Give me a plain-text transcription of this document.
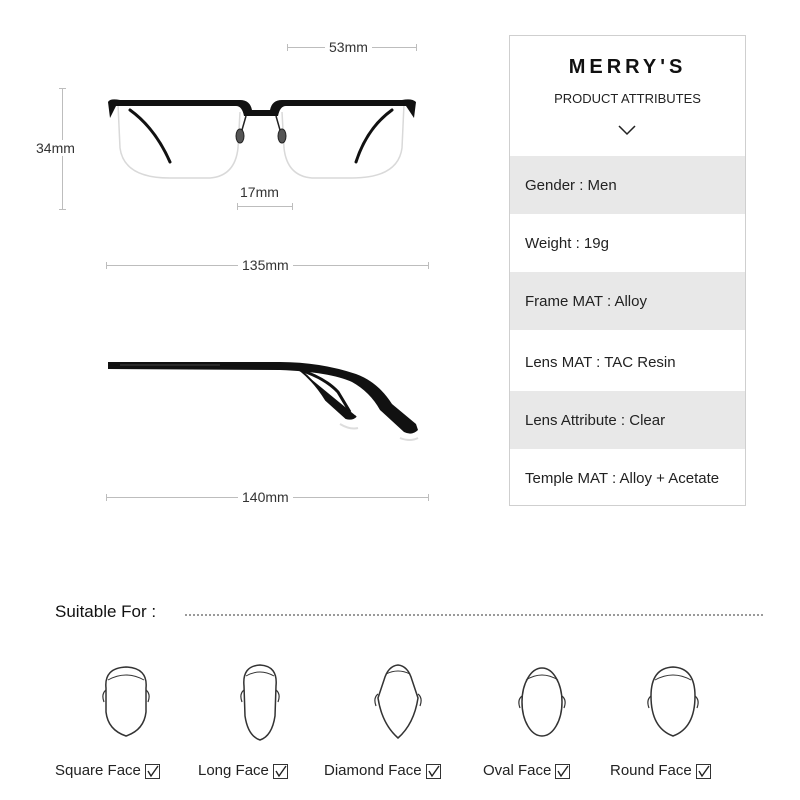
53mm
34mm
17mm
135mm
140mm
MERRY'S
PRODUCT ATTRIBUTES
Gender : Men
Weight : 19g
Frame MAT : Alloy
Lens MAT : TAC Resin
Lens Attribute : Clear
Temple MAT : Alloy + Acetate
Suitable For :
Square Face	Long Face	Diamond Face	Oval Face	Round Face
